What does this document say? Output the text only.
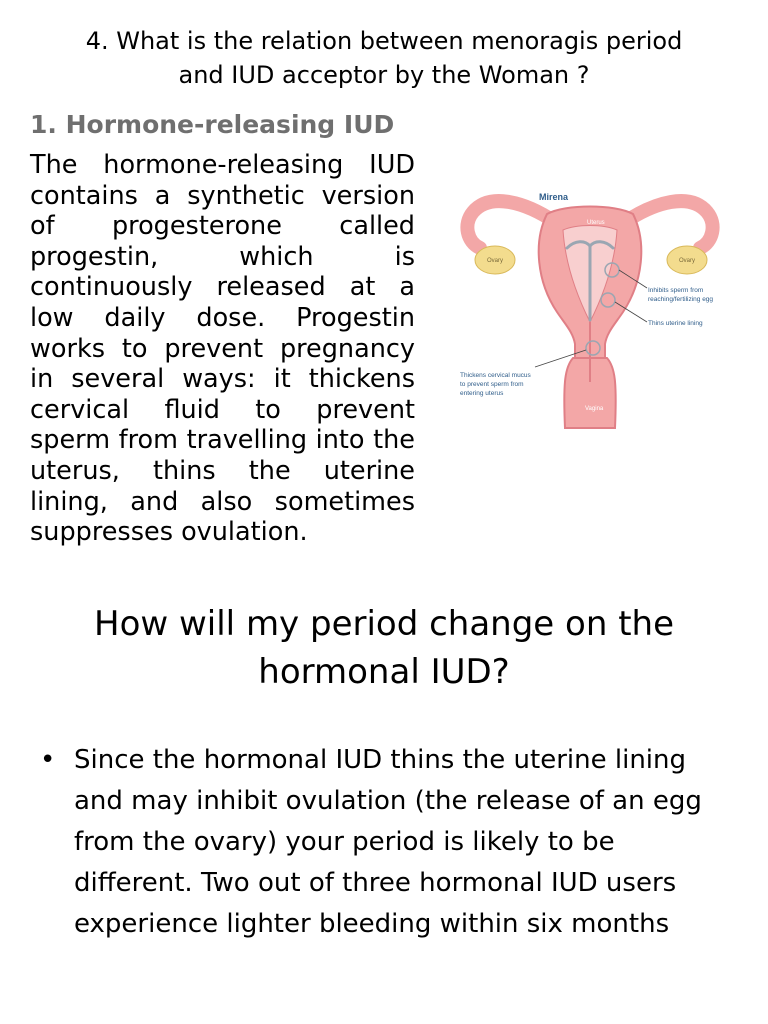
4. What is the relation between menoragis period and IUD acceptor by the Woman ?
1. Hormone-releasing IUD
The hormone-releasing IUD contains a synthetic version of progesterone called progestin, which is continuously released at a low daily dose. Progestin works to prevent pregnancy in several ways: it thickens cervical fluid to prevent sperm from travelling into the uterus, thins the uterine lining, and also sometimes suppresses ovulation.
Mirena
Uterus
Ovary	Ovary
Vagina
Inhibits sperm from
reaching/fertilizing egg
Thins uterine lining
Thickens cervical mucus
to prevent sperm from
entering uterus
How will my period change on the hormonal IUD?
• Since the hormonal IUD thins the uterine lining and may inhibit ovulation (the release of an egg from the ovary) your period is likely to be different. Two out of three hormonal IUD users experience lighter bleeding within six months
